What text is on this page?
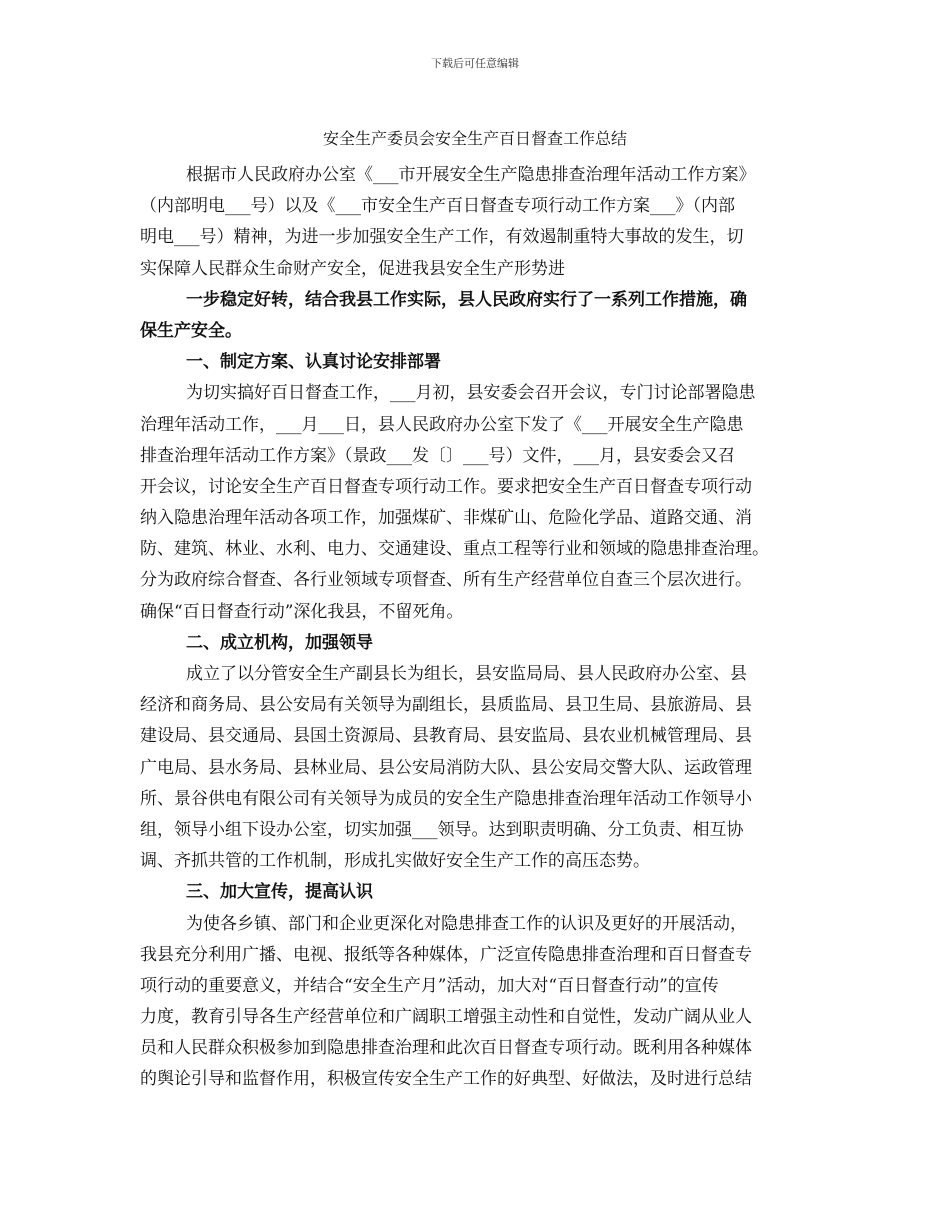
下载后可任意编辑
安全生产委员会安全生产百日督查工作总结
根据市人民政府办公室《___市开展安全生产隐患排查治理年活动工作方案》
（内部明电___号）以及《___市安全生产百日督查专项行动工作方案___》（内部
明电___号）精神，为进一步加强安全生产工作，有效遏制重特大事故的发生，切
实保障人民群众生命财产安全，促进我县安全生产形势进
一步稳定好转，结合我县工作实际，县人民政府实行了一系列工作措施，确
保生产安全。
一、制定方案、认真讨论安排部署
为切实搞好百日督查工作，___月初，县安委会召开会议，专门讨论部署隐患
治理年活动工作，___月___日，县人民政府办公室下发了《___开展安全生产隐患
排查治理年活动工作方案》（景政___发〔〕___号）文件，___月，县安委会又召
开会议，讨论安全生产百日督查专项行动工作。要求把安全生产百日督查专项行动
纳入隐患治理年活动各项工作，加强煤矿、非煤矿山、危险化学品、道路交通、消
防、建筑、林业、水利、电力、交通建设、重点工程等行业和领域的隐患排查治理。
分为政府综合督查、各行业领域专项督查、所有生产经营单位自查三个层次进行。
确保“百日督查行动”深化我县，不留死角。
二、成立机构，加强领导
成立了以分管安全生产副县长为组长，县安监局局、县人民政府办公室、县
经济和商务局、县公安局有关领导为副组长，县质监局、县卫生局、县旅游局、县
建设局、县交通局、县国土资源局、县教育局、县安监局、县农业机械管理局、县
广电局、县水务局、县林业局、县公安局消防大队、县公安局交警大队、运政管理
所、景谷供电有限公司有关领导为成员的安全生产隐患排查治理年活动工作领导小
组，领导小组下设办公室，切实加强___领导。达到职责明确、分工负责、相互协
调、齐抓共管的工作机制，形成扎实做好安全生产工作的高压态势。
三、加大宣传，提高认识
为使各乡镇、部门和企业更深化对隐患排查工作的认识及更好的开展活动，
我县充分利用广播、电视、报纸等各种媒体，广泛宣传隐患排查治理和百日督查专
项行动的重要意义，并结合“安全生产月”活动，加大对“百日督查行动”的宣传
力度，教育引导各生产经营单位和广阔职工增强主动性和自觉性，发动广阔从业人
员和人民群众积极参加到隐患排查治理和此次百日督查专项行动。既利用各种媒体
的舆论引导和监督作用，积极宣传安全生产工作的好典型、好做法，及时进行总结
